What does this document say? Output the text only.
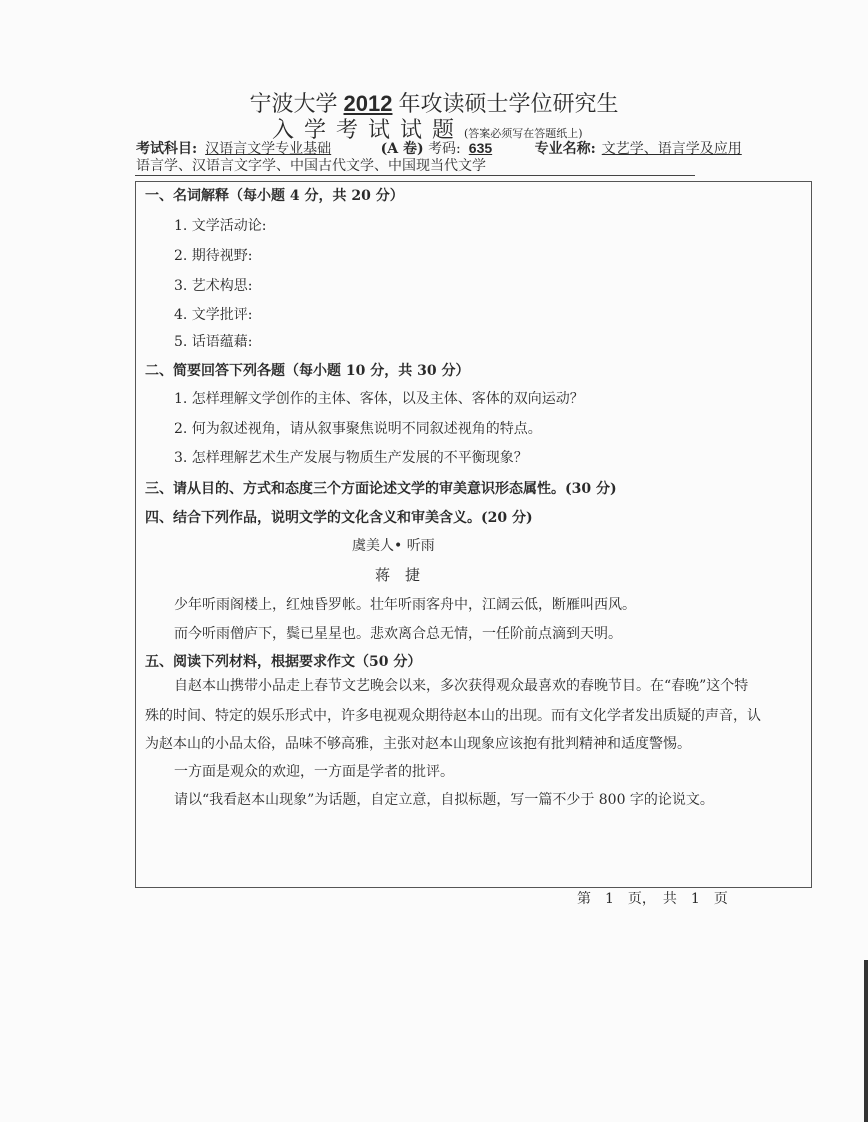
宁波大学 2012 年攻读硕士学位研究生
入学考试试题(答案必须写在答题纸上)
考试科目: 汉语言文学专业基础	(A 卷) 考码: 635	专业名称: 文艺学、语言学及应用
语言学、汉语言文字学、中国古代文学、中国现当代文学
一、名词解释（每小题 4 分，共 20 分）
1. 文学活动论:
2. 期待视野:
3. 艺术构思:
4. 文学批评:
5. 话语蕴藉:
二、简要回答下列各题（每小题 10 分，共 30 分）
1. 怎样理解文学创作的主体、客体，以及主体、客体的双向运动？
2. 何为叙述视角，请从叙事聚焦说明不同叙述视角的特点。
3. 怎样理解艺术生产发展与物质生产发展的不平衡现象？
三、请从目的、方式和态度三个方面论述文学的审美意识形态属性。(30 分)
四、结合下列作品，说明文学的文化含义和审美含义。(20 分)
虞美人• 听雨
蒋　捷
少年听雨阁楼上，红烛昏罗帐。壮年听雨客舟中，江阔云低，断雁叫西风。
而今听雨僧庐下，鬓已星星也。悲欢离合总无情，一任阶前点滴到天明。
五、阅读下列材料，根据要求作文（50 分）
自赵本山携带小品走上春节文艺晚会以来，多次获得观众最喜欢的春晚节目。在“春晚”这个特
殊的时间、特定的娱乐形式中，许多电视观众期待赵本山的出现。而有文化学者发出质疑的声音，认
为赵本山的小品太俗，品味不够高雅，主张对赵本山现象应该抱有批判精神和适度警惕。
一方面是观众的欢迎，一方面是学者的批评。
请以“我看赵本山现象”为话题，自定立意，自拟标题，写一篇不少于 800 字的论说文。
第　1　页，　共　1　页
